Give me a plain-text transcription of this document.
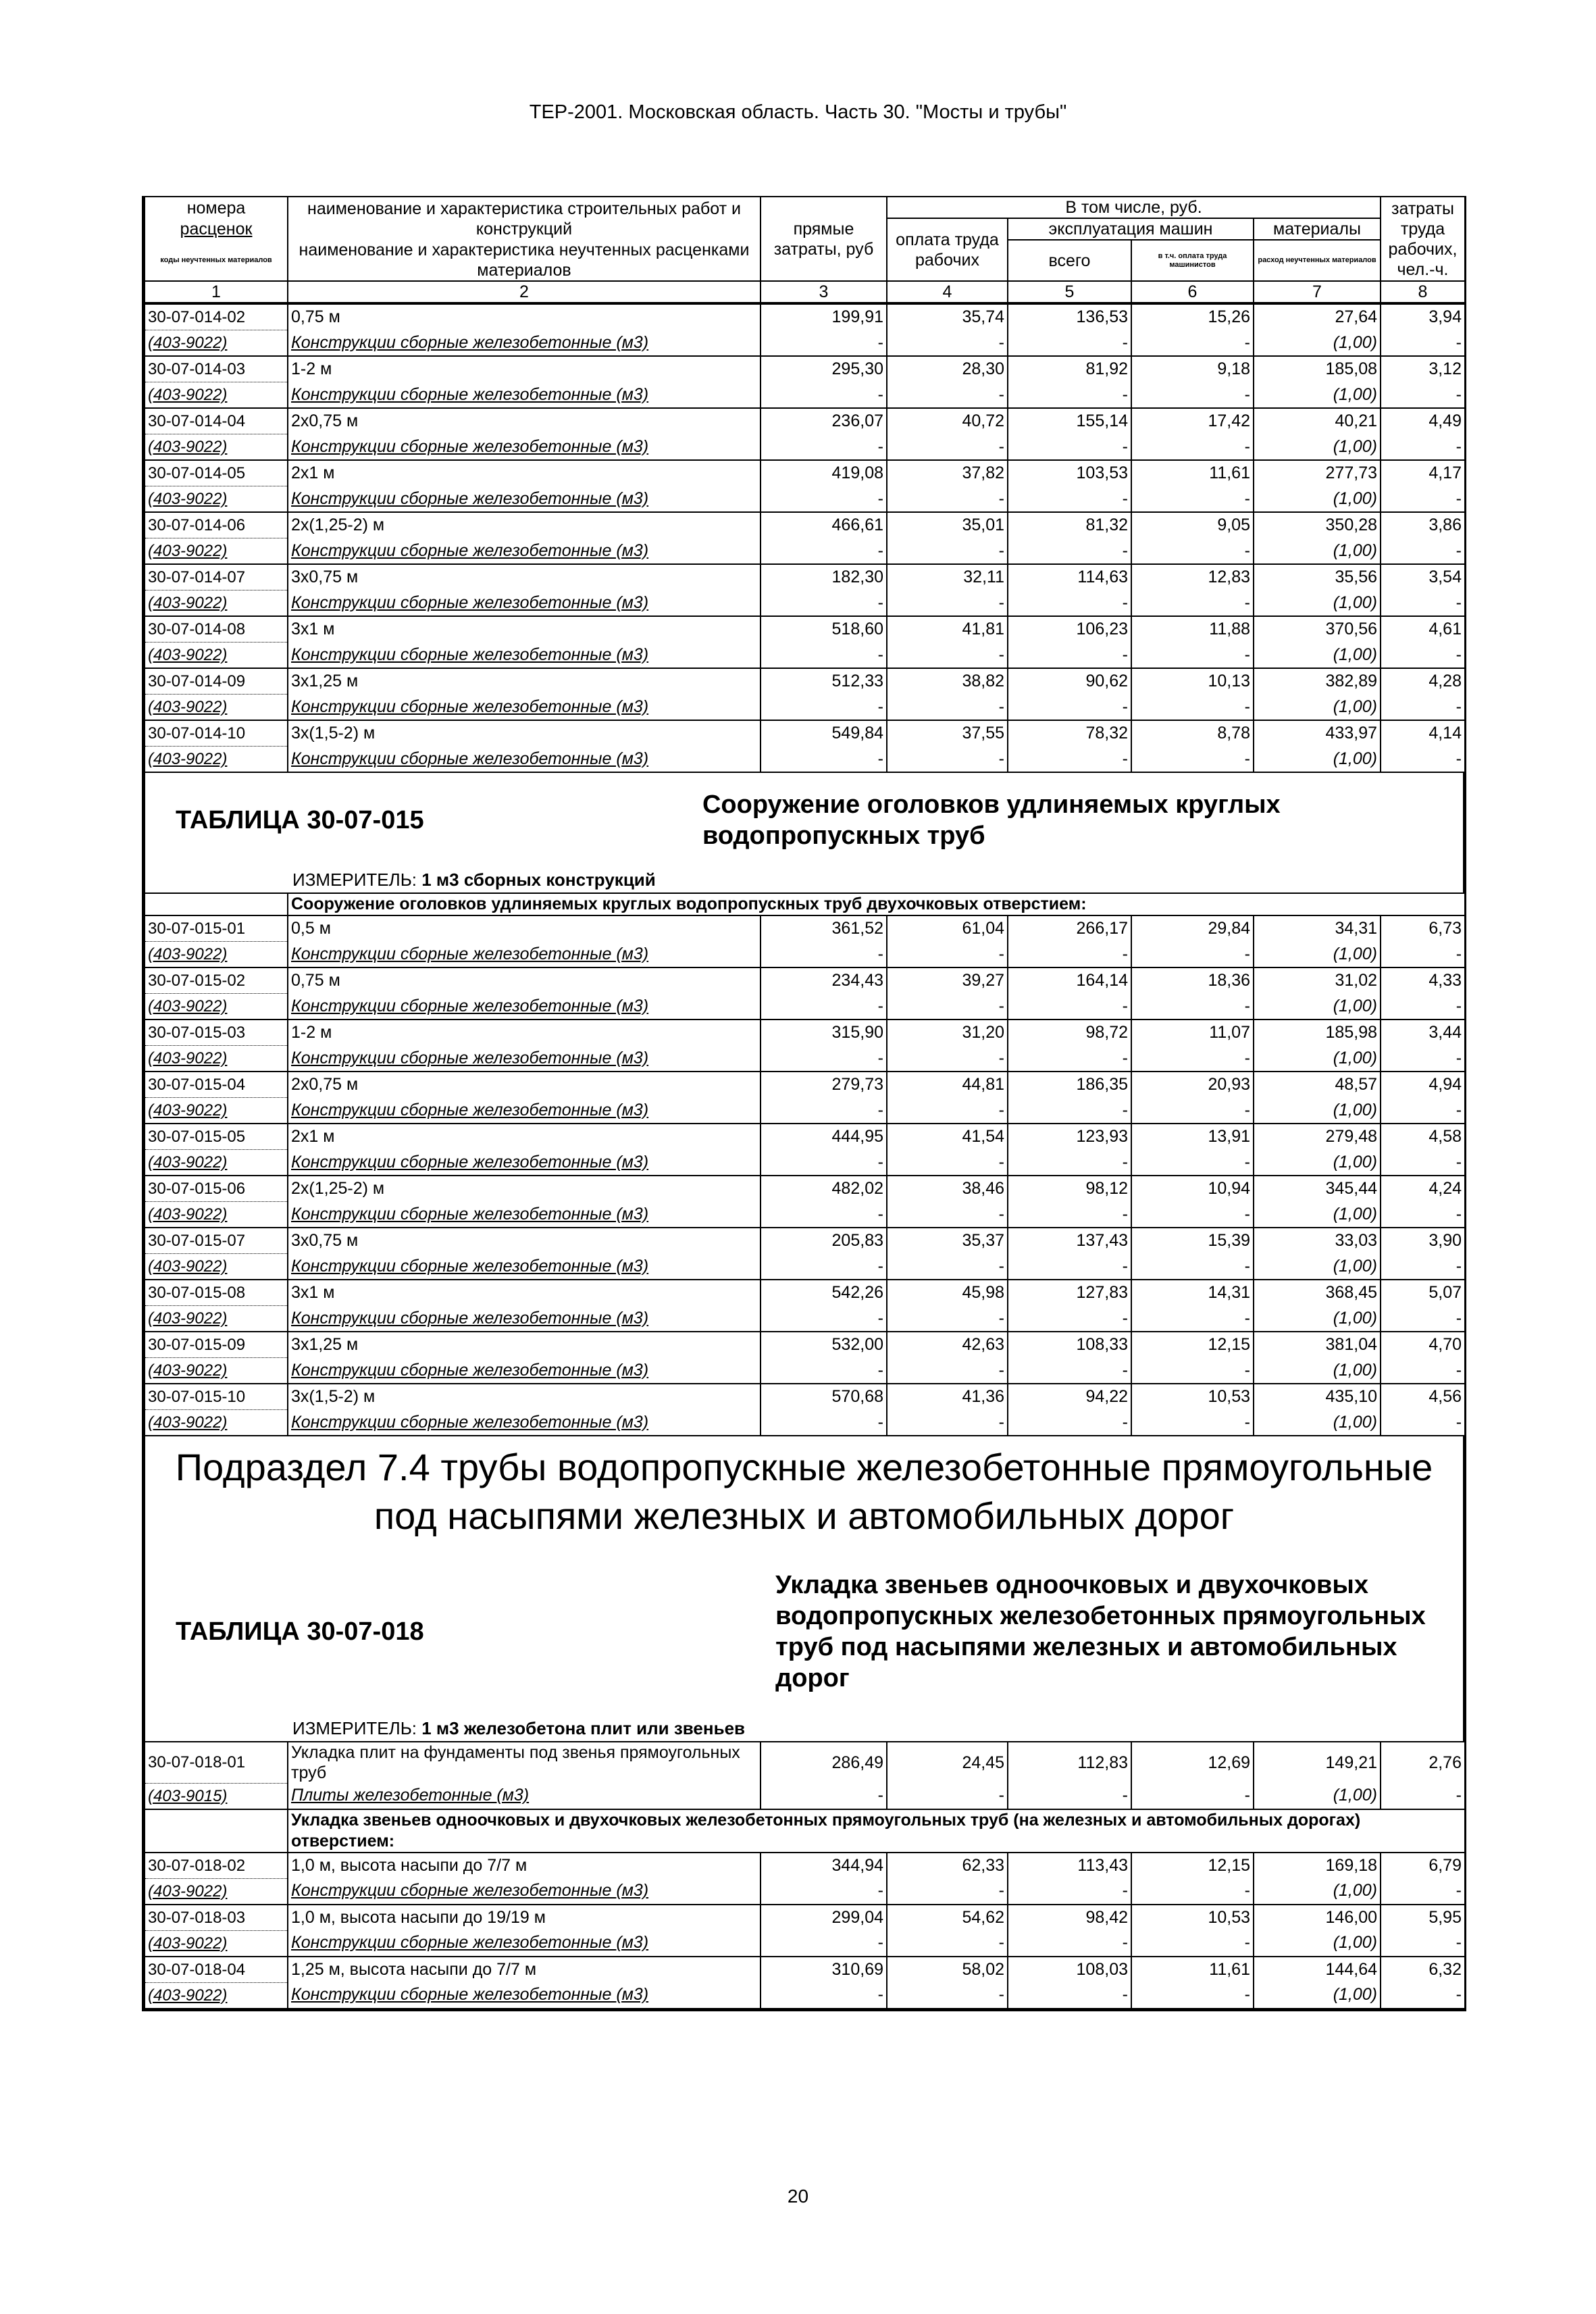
ТЕР-2001. Московская область. Часть 30. "Мосты и трубы"
номера	наименование и характеристика строительных работ и конструкций	прямые затраты, руб	В том числе, руб.				затраты труда рабочих, чел.-ч.
расценок			оплата труда рабочих	эксплуатация машин		материалы	
коды неучтенных материалов	наименование и характеристика неучтенных расценками материалов			всего	в т.ч. оплата труда машинистов	расход неучтенных материалов	

1	2	3	4	5	6	7	8
30-07-014-02	0,75 м	199,91	35,74	136,53	15,26	27,64	3,94
(403-9022)	Конструкции сборные железобетонные (м3)	-	-	-	-	(1,00)	-
30-07-014-03	1-2 м	295,30	28,30	81,92	9,18	185,08	3,12
(403-9022)	Конструкции сборные железобетонные (м3)	-	-	-	-	(1,00)	-
30-07-014-04	2х0,75 м	236,07	40,72	155,14	17,42	40,21	4,49
(403-9022)	Конструкции сборные железобетонные (м3)	-	-	-	-	(1,00)	-
30-07-014-05	2х1 м	419,08	37,82	103,53	11,61	277,73	4,17
(403-9022)	Конструкции сборные железобетонные (м3)	-	-	-	-	(1,00)	-
30-07-014-06	2х(1,25-2) м	466,61	35,01	81,32	9,05	350,28	3,86
(403-9022)	Конструкции сборные железобетонные (м3)	-	-	-	-	(1,00)	-
30-07-014-07	3х0,75 м	182,30	32,11	114,63	12,83	35,56	3,54
(403-9022)	Конструкции сборные железобетонные (м3)	-	-	-	-	(1,00)	-
30-07-014-08	3х1 м	518,60	41,81	106,23	11,88	370,56	4,61
(403-9022)	Конструкции сборные железобетонные (м3)	-	-	-	-	(1,00)	-
30-07-014-09	3х1,25 м	512,33	38,82	90,62	10,13	382,89	4,28
(403-9022)	Конструкции сборные железобетонные (м3)	-	-	-	-	(1,00)	-
30-07-014-10	3х(1,5-2) м	549,84	37,55	78,32	8,78	433,97	4,14
(403-9022)	Конструкции сборные железобетонные (м3)	-	-	-	-	(1,00)	-
ТАБЛИЦА 30-07-015
Сооружение оголовков удлиняемых круглых водопропускных труб
ИЗМЕРИТЕЛЬ: 1 м3 сборных конструкций
	Сооружение оголовков удлиняемых круглых водопропускных труб двухочковых отверстием:						
30-07-015-01	0,5 м	361,52	61,04	266,17	29,84	34,31	6,73
(403-9022)	Конструкции сборные железобетонные (м3)	-	-	-	-	(1,00)	-
30-07-015-02	0,75 м	234,43	39,27	164,14	18,36	31,02	4,33
(403-9022)	Конструкции сборные железобетонные (м3)	-	-	-	-	(1,00)	-
30-07-015-03	1-2 м	315,90	31,20	98,72	11,07	185,98	3,44
(403-9022)	Конструкции сборные железобетонные (м3)	-	-	-	-	(1,00)	-
30-07-015-04	2х0,75 м	279,73	44,81	186,35	20,93	48,57	4,94
(403-9022)	Конструкции сборные железобетонные (м3)	-	-	-	-	(1,00)	-
30-07-015-05	2х1 м	444,95	41,54	123,93	13,91	279,48	4,58
(403-9022)	Конструкции сборные железобетонные (м3)	-	-	-	-	(1,00)	-
30-07-015-06	2х(1,25-2) м	482,02	38,46	98,12	10,94	345,44	4,24
(403-9022)	Конструкции сборные железобетонные (м3)	-	-	-	-	(1,00)	-
30-07-015-07	3х0,75 м	205,83	35,37	137,43	15,39	33,03	3,90
(403-9022)	Конструкции сборные железобетонные (м3)	-	-	-	-	(1,00)	-
30-07-015-08	3х1 м	542,26	45,98	127,83	14,31	368,45	5,07
(403-9022)	Конструкции сборные железобетонные (м3)	-	-	-	-	(1,00)	-
30-07-015-09	3х1,25 м	532,00	42,63	108,33	12,15	381,04	4,70
(403-9022)	Конструкции сборные железобетонные (м3)	-	-	-	-	(1,00)	-
30-07-015-10	3х(1,5-2) м	570,68	41,36	94,22	10,53	435,10	4,56
(403-9022)	Конструкции сборные железобетонные (м3)	-	-	-	-	(1,00)	-
Подраздел 7.4 трубы водопропускные железобетонные прямоугольные под насыпями железных и автомобильных дорог
ТАБЛИЦА 30-07-018
Укладка звеньев одноочковых и двухочковых водопропускных железобетонных прямоугольных труб под насыпями железных и автомобильных дорог
ИЗМЕРИТЕЛЬ: 1 м3 железобетона плит или звеньев
30-07-018-01	Укладка плит на фундаменты под звенья прямоугольных труб	286,49	24,45	112,83	12,69	149,21	2,76
(403-9015)	Плиты железобетонные (м3)	-	-	-	-	(1,00)	-
	Укладка звеньев одноочковых и двухочковых железобетонных прямоугольных труб (на железных и автомобильных дорогах) отверстием:						
30-07-018-02	1,0 м, высота насыпи до 7/7 м	344,94	62,33	113,43	12,15	169,18	6,79
(403-9022)	Конструкции сборные железобетонные (м3)	-	-	-	-	(1,00)	-
30-07-018-03	1,0 м, высота насыпи до 19/19 м	299,04	54,62	98,42	10,53	146,00	5,95
(403-9022)	Конструкции сборные железобетонные (м3)	-	-	-	-	(1,00)	-
30-07-018-04	1,25 м, высота насыпи до 7/7 м	310,69	58,02	108,03	11,61	144,64	6,32
(403-9022)	Конструкции сборные железобетонные (м3)	-	-	-	-	(1,00)	-
20
